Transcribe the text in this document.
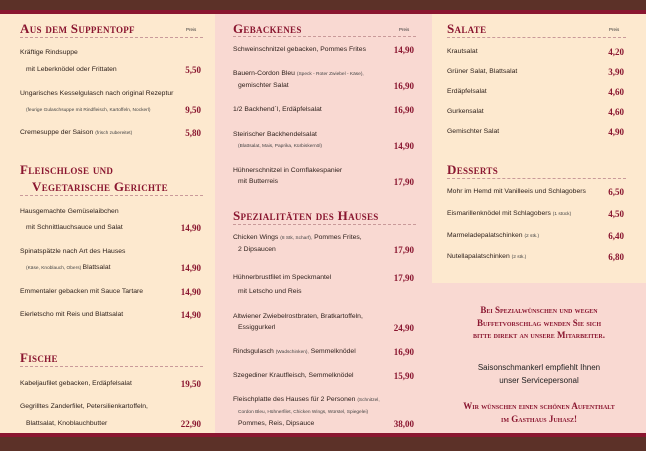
Aus dem Suppentopf	Preis
Kräftige Rindsuppe
mit Leberknödel oder Frittaten	5,50
Ungarisches Kesselgulasch nach original Rezeptur
(feurige Gulaschsuppe mit Rindfleisch, Kartoffeln, Nockerl)	9,50
Cremesuppe der Saison (frisch zubereitet)	5,80
Fleischlose und
Vegetarische Gerichte
Hausgemachte Gemüselaibchen
mit Schnittlauchsauce und Salat	14,90
Spinatspätzle nach Art des Hauses
(Käse, Knoblauch, Obers) Blattsalat	14,90
Emmentaler gebacken mit Sauce Tartare	14,90
Eierletscho mit Reis und Blattsalat	14,90
Fische
Kabeljaufilet gebacken, Erdäpfelsalat	19,50
Gegrilltes Zanderfilet, Petersilienkartoffeln,
Blattsalat, Knoblauchbutter	22,90
Gebackenes	Preis
Schweinschnitzel gebacken, Pommes Frites	14,90
Bauern-Cordon Bleu (Speck - Roter Zwiebel - Käse),
gemischter Salat	16,90
1/2 Backhend´l, Erdäpfelsalat	16,90
Steirischer Backhendelsalat
(Blattsalat, Mais, Paprika, Kürbiskernöl)	14,90
Hühnerschnitzel in Cornflakespanier
mit Butterreis	17,90
Spezialitäten des Hauses
Chicken Wings (8 Stk, Scharf), Pommes Frites,
2 Dipsaucen	17,90
Hühnerbrustfilet im Speckmantel	17,90
mit Letscho und Reis
Altwiener Zwiebelrostbraten, Bratkartoffeln,
Essiggurkerl	24,90
Rindsgulasch (Wadschinken), Semmelknödel	16,90
Szegediner Krautfleisch, Semmelknödel	15,90
Fleischplatte des Hauses für 2 Personen (Schnitzel,
Cordon Bleu, Hühnerfilet, Chicken Wings, Würstel, Spiegelei)
Pommes, Reis, Dipsauce	38,00
Salate	Preis
Krautsalat	4,20
Grüner Salat, Blattsalat	3,90
Erdäpfelsalat	4,60
Gurkensalat	4,60
Gemischter Salat	4,90
Desserts
Mohr im Hemd mit Vanilleeis und Schlagobers	6,50
Eismarillenknödel mit Schlagobers (1 stück)	4,50
Marmeladepalatschinken (2 stk.)	6,40
Nutellapalatschinken (2 stk.)	6,80
Bei Spezialwünschen und wegen
Buffetvorschlag wenden Sie sich
bitte direkt an unsere Mitarbeiter.
Saisonschmankerl empfiehlt Ihnen
unser Servicepersonal
Wir wünschen einen schönen Aufenthalt
im Gasthaus Juhasz!
